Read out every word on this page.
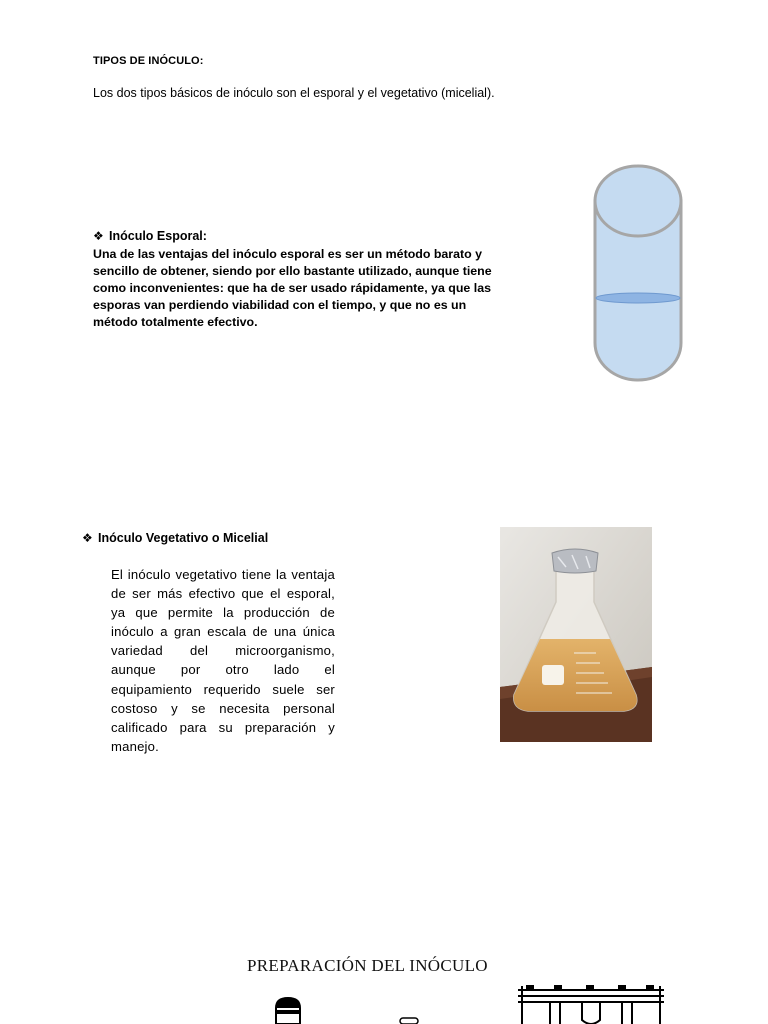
TIPOS DE INÓCULO:
Los dos tipos básicos de inóculo son el esporal y el vegetativo (micelial).
❖ Inóculo Esporal:
Una de las ventajas del inóculo esporal es ser un método barato y sencillo de obtener, siendo por ello bastante utilizado, aunque tiene como inconvenientes: que ha de ser usado rápidamente, ya que las esporas van perdiendo viabilidad con el tiempo, y que no es un método totalmente efectivo.
❖ Inóculo Vegetativo o Micelial
El inóculo vegetativo tiene la ventaja de ser más efectivo que el esporal, ya que permite la producción de inóculo a gran escala de una única variedad del microorganismo, aunque por otro lado el equipamiento requerido suele ser costoso y se necesita personal calificado para su preparación y manejo.
PREPARACIÓN DEL INÓCULO
